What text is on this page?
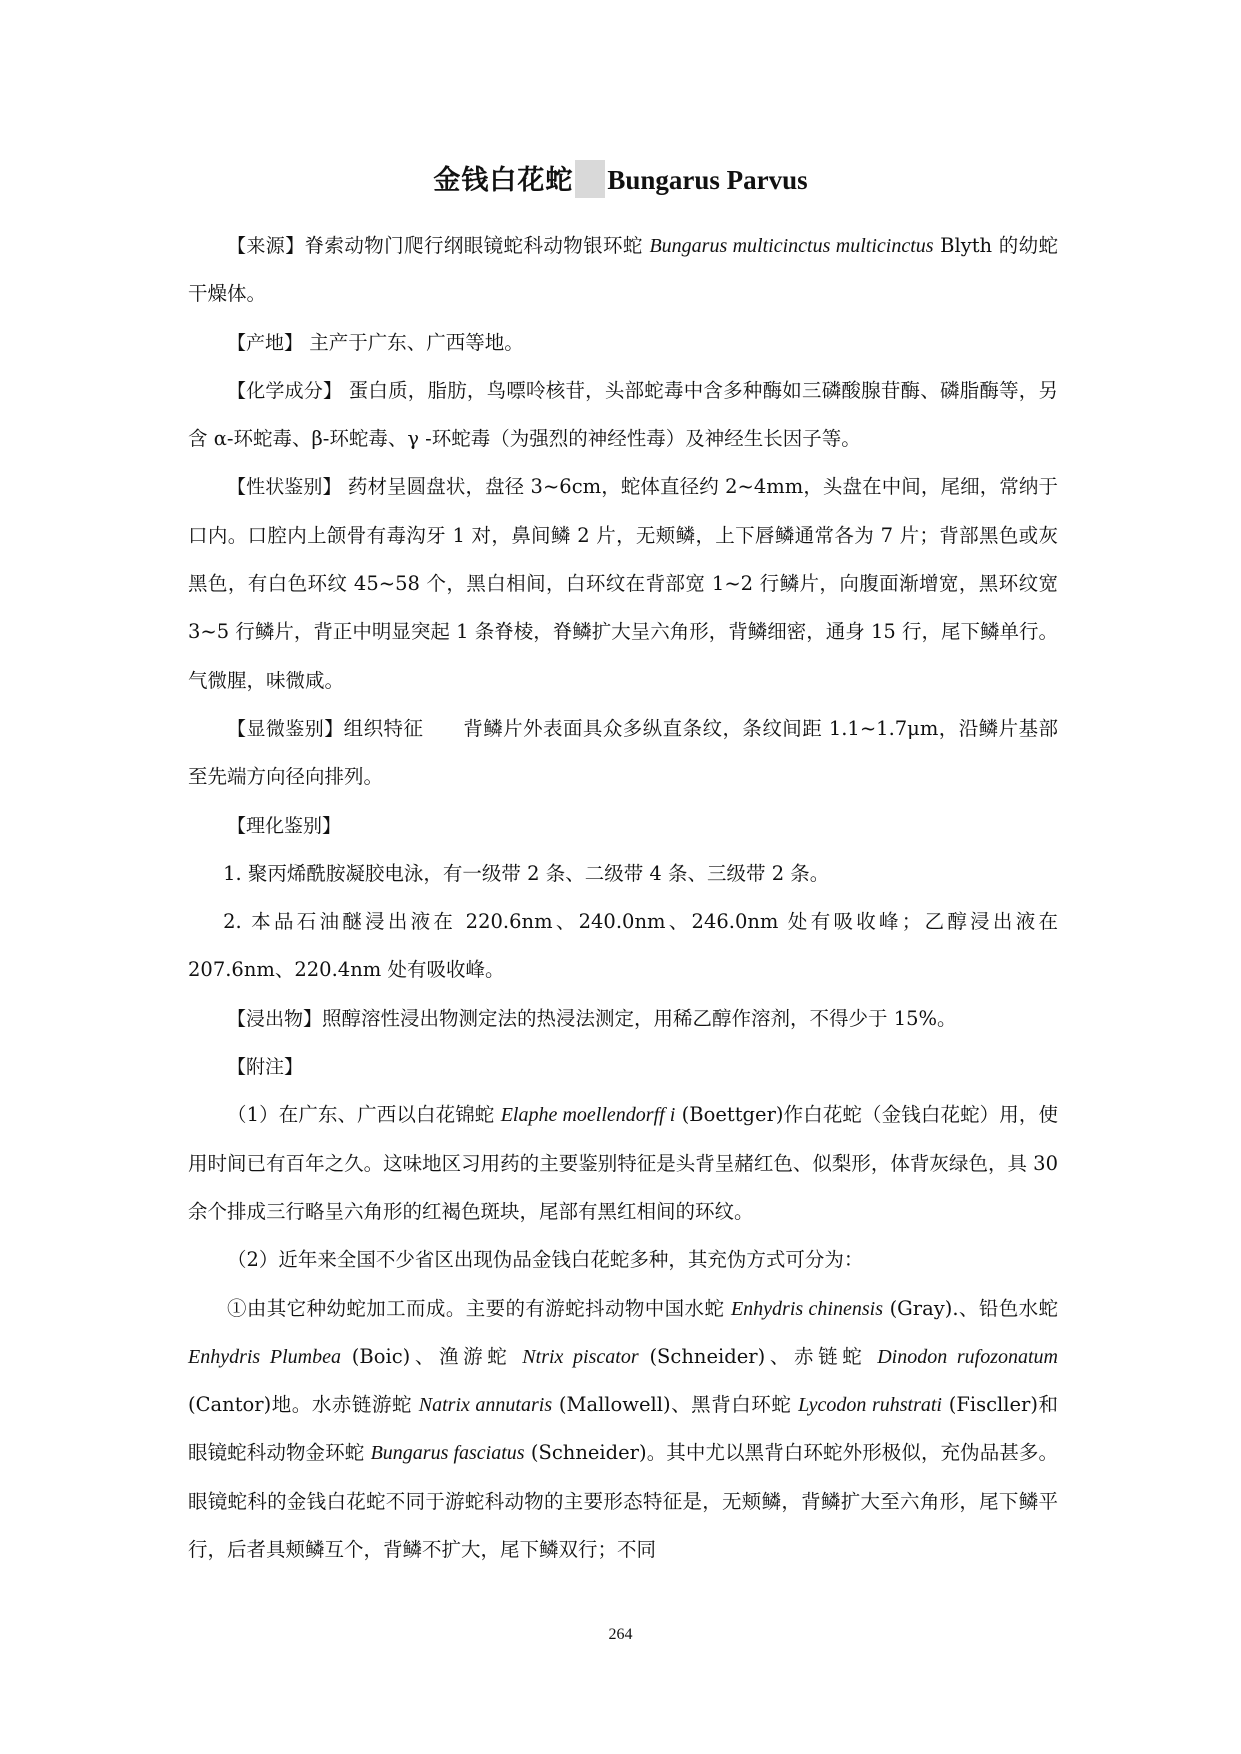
金钱白花蛇 Bungarus Parvus

【来源】脊索动物门爬行纲眼镜蛇科动物银环蛇 Bungarus multicinctus multicinctus Blyth 的幼蛇干燥体。

【产地】 主产于广东、广西等地。

【化学成分】 蛋白质，脂肪，鸟嘌呤核苷，头部蛇毒中含多种酶如三磷酸腺苷酶、磷脂酶等，另含 α-环蛇毒、β-环蛇毒、γ -环蛇毒（为强烈的神经性毒）及神经生长因子等。

【性状鉴别】 药材呈圆盘状，盘径 3~6cm，蛇体直径约 2~4mm，头盘在中间，尾细，常纳于口内。口腔内上颌骨有毒沟牙 1 对，鼻间鳞 2 片，无颊鳞，上下唇鳞通常各为 7 片；背部黑色或灰黑色，有白色环纹 45~58 个，黑白相间，白环纹在背部宽 1~2 行鳞片，向腹面渐增宽，黑环纹宽 3~5 行鳞片，背正中明显突起 1 条脊棱，脊鳞扩大呈六角形，背鳞细密，通身 15 行，尾下鳞单行。气微腥，味微咸。

【显微鉴别】组织特征　　背鳞片外表面具众多纵直条纹，条纹间距 1.1~1.7μm，沿鳞片基部至先端方向径向排列。

【理化鉴别】

1. 聚丙烯酰胺凝胶电泳，有一级带 2 条、二级带 4 条、三级带 2 条。

2. 本品石油醚浸出液在 220.6nm、240.0nm、246.0nm 处有吸收峰；乙醇浸出液在 207.6nm、220.4nm 处有吸收峰。

【浸出物】照醇溶性浸出物测定法的热浸法测定，用稀乙醇作溶剂，不得少于 15%。

【附注】

（1）在广东、广西以白花锦蛇 Elaphe moellendorff i (Boettger)作白花蛇（金钱白花蛇）用，使用时间已有百年之久。这味地区习用药的主要鉴别特征是头背呈赭红色、似梨形，体背灰绿色，具 30 余个排成三行略呈六角形的红褐色斑块，尾部有黑红相间的环纹。

（2）近年来全国不少省区出现伪品金钱白花蛇多种，其充伪方式可分为：

①由其它种幼蛇加工而成。主要的有游蛇抖动物中国水蛇 Enhydris chinensis (Gray).、铅色水蛇 Enhydris Plumbea (Boic)、渔游蛇 Ntrix piscator (Schneider)、赤链蛇 Dinodon rufozonatum (Cantor)地。水赤链游蛇 Natrix annutaris (Mallowell)、黑背白环蛇 Lycodon ruhstrati (Fiscller)和眼镜蛇科动物金环蛇 Bungarus fasciatus (Schneider)。其中尤以黑背白环蛇外形极似，充伪品甚多。眼镜蛇科的金钱白花蛇不同于游蛇科动物的主要形态特征是，无颊鳞，背鳞扩大至六角形，尾下鳞平行，后者具颊鳞互个，背鳞不扩大，尾下鳞双行；不同

264
